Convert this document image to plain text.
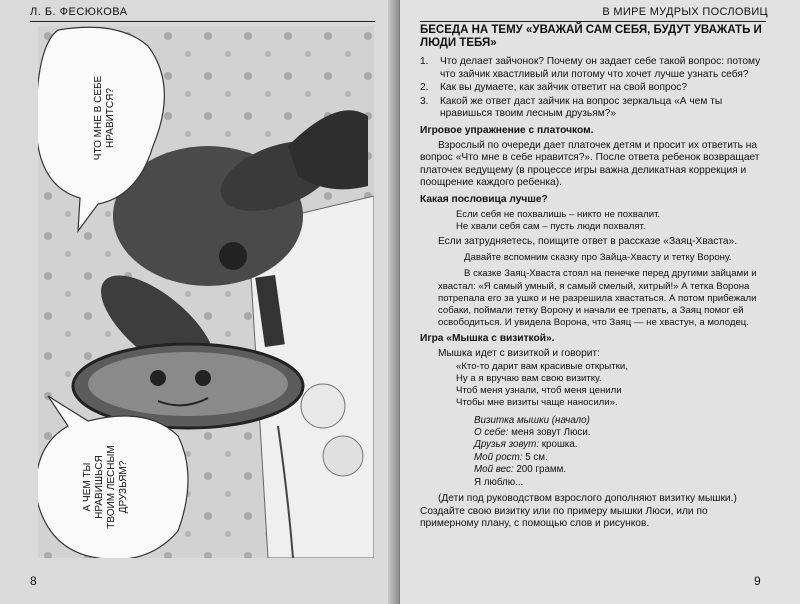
Л. Б. ФЕСЮКОВА
ЧТО МНЕ В СЕБЕ
НРАВИТСЯ?
А ЧЕМ ТЫ
НРАВИШЬСЯ
ТВОИМ ЛЕСНЫМ
ДРУЗЬЯМ?
8
В МИРЕ МУДРЫХ ПОСЛОВИЦ

БЕСЕДА НА ТЕМУ «УВАЖАЙ САМ СЕБЯ, БУДУТ УВАЖАТЬ И ЛЮДИ ТЕБЯ»

1.	Что делает зайчонок? Почему он задает себе такой вопрос: потому что зайчик хвастливый или потому что хочет лучше узнать себя?
2.	Как вы думаете, как зайчик ответит на свой вопрос?
3.	Какой же ответ даст зайчик на вопрос зеркальца «А чем ты нравишься твоим лесным друзьям?»

Игровое упражнение с платочком.

Взрослый по очереди дает платочек детям и просит их ответить на вопрос «Что мне в себе нравится?». После ответа ребенок возвращает платочек ведущему (в процессе игры важна деликатная коррекция и поощрение каждого ребенка).

Какая пословица лучше?

Если себя не похвалишь – никто не похвалит.

Не хвали себя сам – пусть люди похвалят.

Если затрудняетесь, поищите ответ в рассказе «Заяц-Хваста».

Давайте вспомним сказку про Зайца-Хвасту и тетку Ворону.

В сказке Заяц-Хваста стоял на пенечке перед другими зайцами и хвастал: «Я самый умный, я самый смелый, хитрый!» А тетка Ворона потрепала его за ушко и не разрешила хвастаться. А потом прибежали собаки, поймали тетку Ворону и начали ее трепать, а Заяц помог ей освободиться. И увидела Ворона, что Заяц — не хвастун, а молодец.

Игра «Мышка с визиткой».

Мышка идет с визиткой и говорит:

«Кто-то дарит вам красивые открытки,

Ну а я вручаю вам свою визитку.

Чтоб меня узнали, чтоб меня ценили

Чтобы мне визиты чаще наносили».

Визитка мышки (начало)

О себе: меня зовут Люси.

Друзья зовут: крошка.

Мой рост: 5 см.

Мой вес: 200 грамм.

Я люблю...

(Дети под руководством взрослого дополняют визитку мышки.) Создайте свою визитку или по примеру мышки Люси, или по примерному плану, с помощью слов и рисунков.

9
